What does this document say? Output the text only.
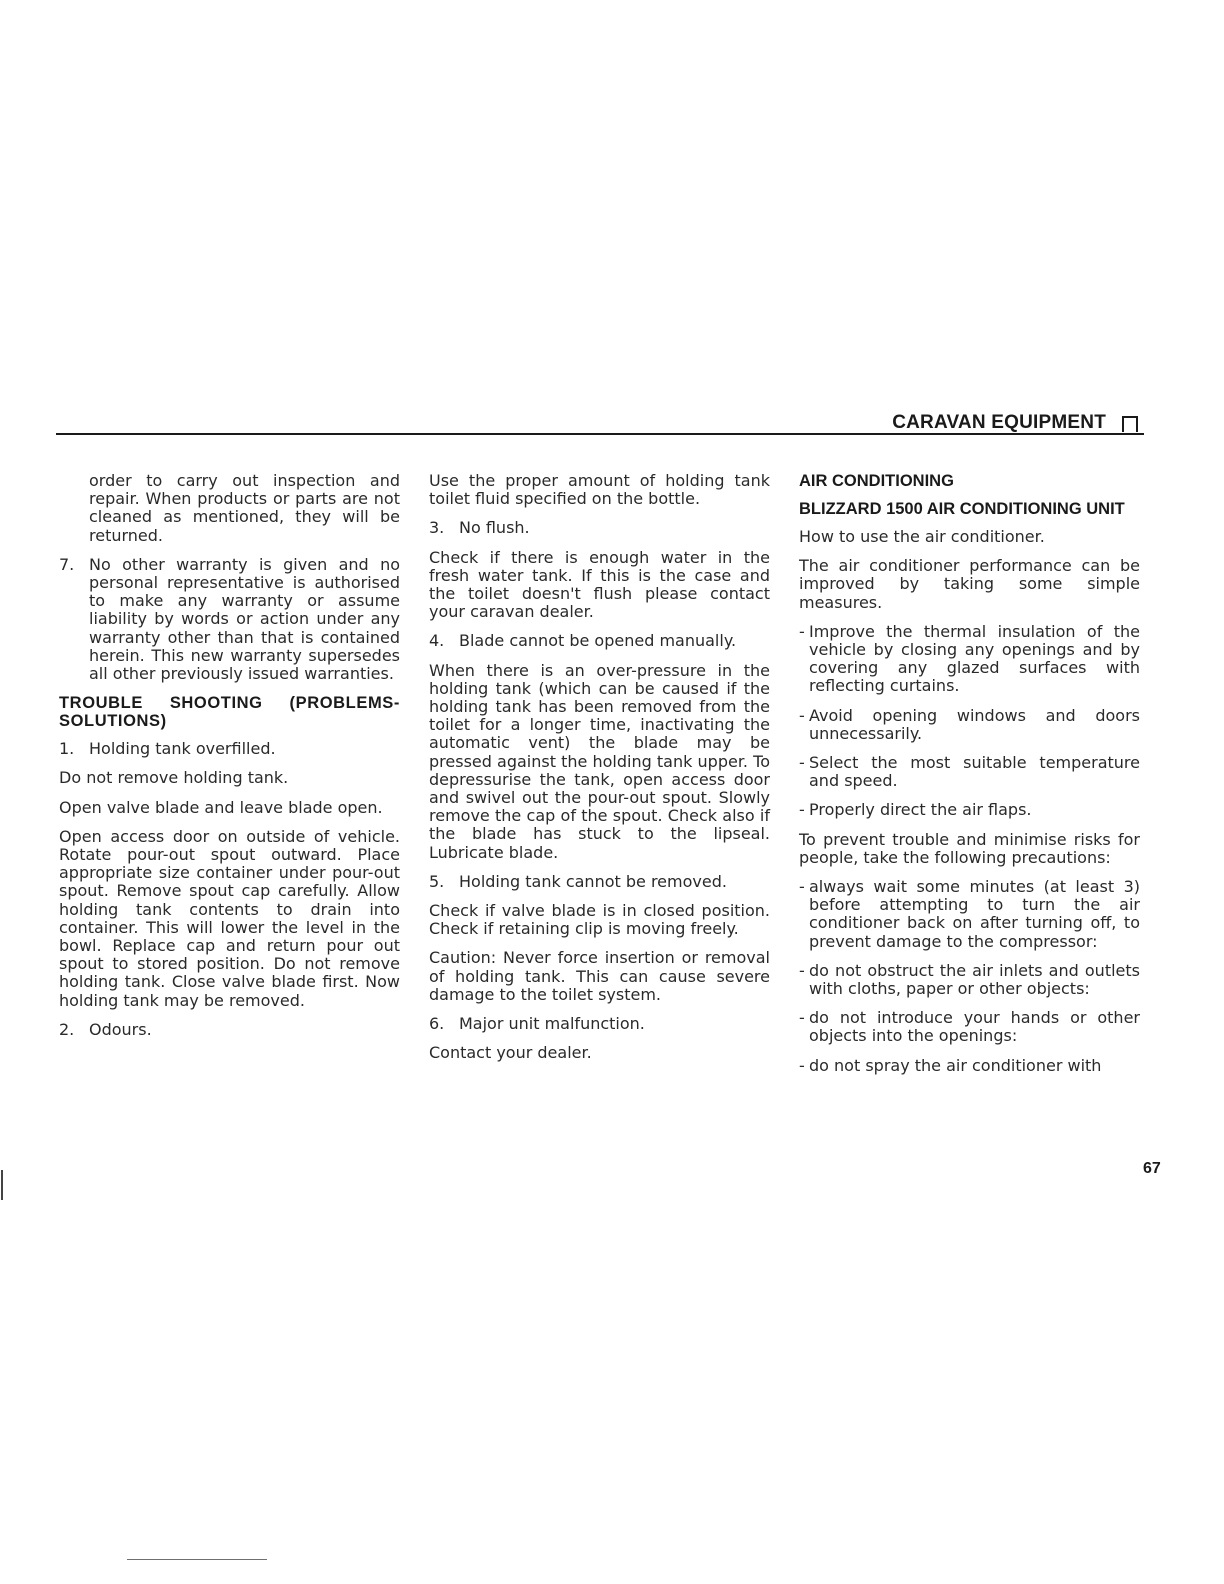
CARAVAN EQUIPMENT

order to carry out inspection and repair. When products or parts are not cleaned as mentioned, they will be returned.

7. No other warranty is given and no personal representative is authorised to make any warranty or assume liability by words or action under any warranty other than that is contained herein. This new warranty supersedes all other previously issued warranties.
TROUBLE SHOOTING (PROBLEMS-SOLUTIONS)
1. Holding tank overfilled.

Do not remove holding tank.

Open valve blade and leave blade open.

Open access door on outside of vehicle. Rotate pour-out spout outward. Place appropriate size container under pour-out spout. Remove spout cap carefully. Allow holding tank contents to drain into container. This will lower the level in the bowl. Replace cap and return pour out spout to stored position. Do not remove holding tank. Close valve blade first. Now holding tank may be removed.

2. Odours.

Use the proper amount of holding tank toilet fluid specified on the bottle.

3. No flush.

Check if there is enough water in the fresh water tank. If this is the case and the toilet doesn't flush please contact your caravan dealer.

4. Blade cannot be opened manually.

When there is an over-pressure in the holding tank (which can be caused if the holding tank has been removed from the toilet for a longer time, inactivating the automatic vent) the blade may be pressed against the holding tank upper. To depressurise the tank, open access door and swivel out the pour-out spout. Slowly remove the cap of the spout. Check also if the blade has stuck to the lipseal. Lubricate blade.

5. Holding tank cannot be removed.

Check if valve blade is in closed position. Check if retaining clip is moving freely.

Caution: Never force insertion or removal of holding tank. This can cause severe damage to the toilet system.

6. Major unit malfunction.

Contact your dealer.

AIR CONDITIONING
BLIZZARD 1500 AIR CONDITIONING UNIT

How to use the air conditioner.

The air conditioner performance can be improved by taking some simple measures.

- Improve the thermal insulation of the vehicle by closing any openings and by covering any glazed surfaces with reflecting curtains.
- Avoid opening windows and doors unnecessarily.
- Select the most suitable temperature and speed.
- Properly direct the air flaps.

To prevent trouble and minimise risks for people, take the following precautions:

- always wait some minutes (at least 3) before attempting to turn the air conditioner back on after turning off, to prevent damage to the compressor:
- do not obstruct the air inlets and outlets with cloths, paper or other objects:
- do not introduce your hands or other objects into the openings:
- do not spray the air conditioner with
67
